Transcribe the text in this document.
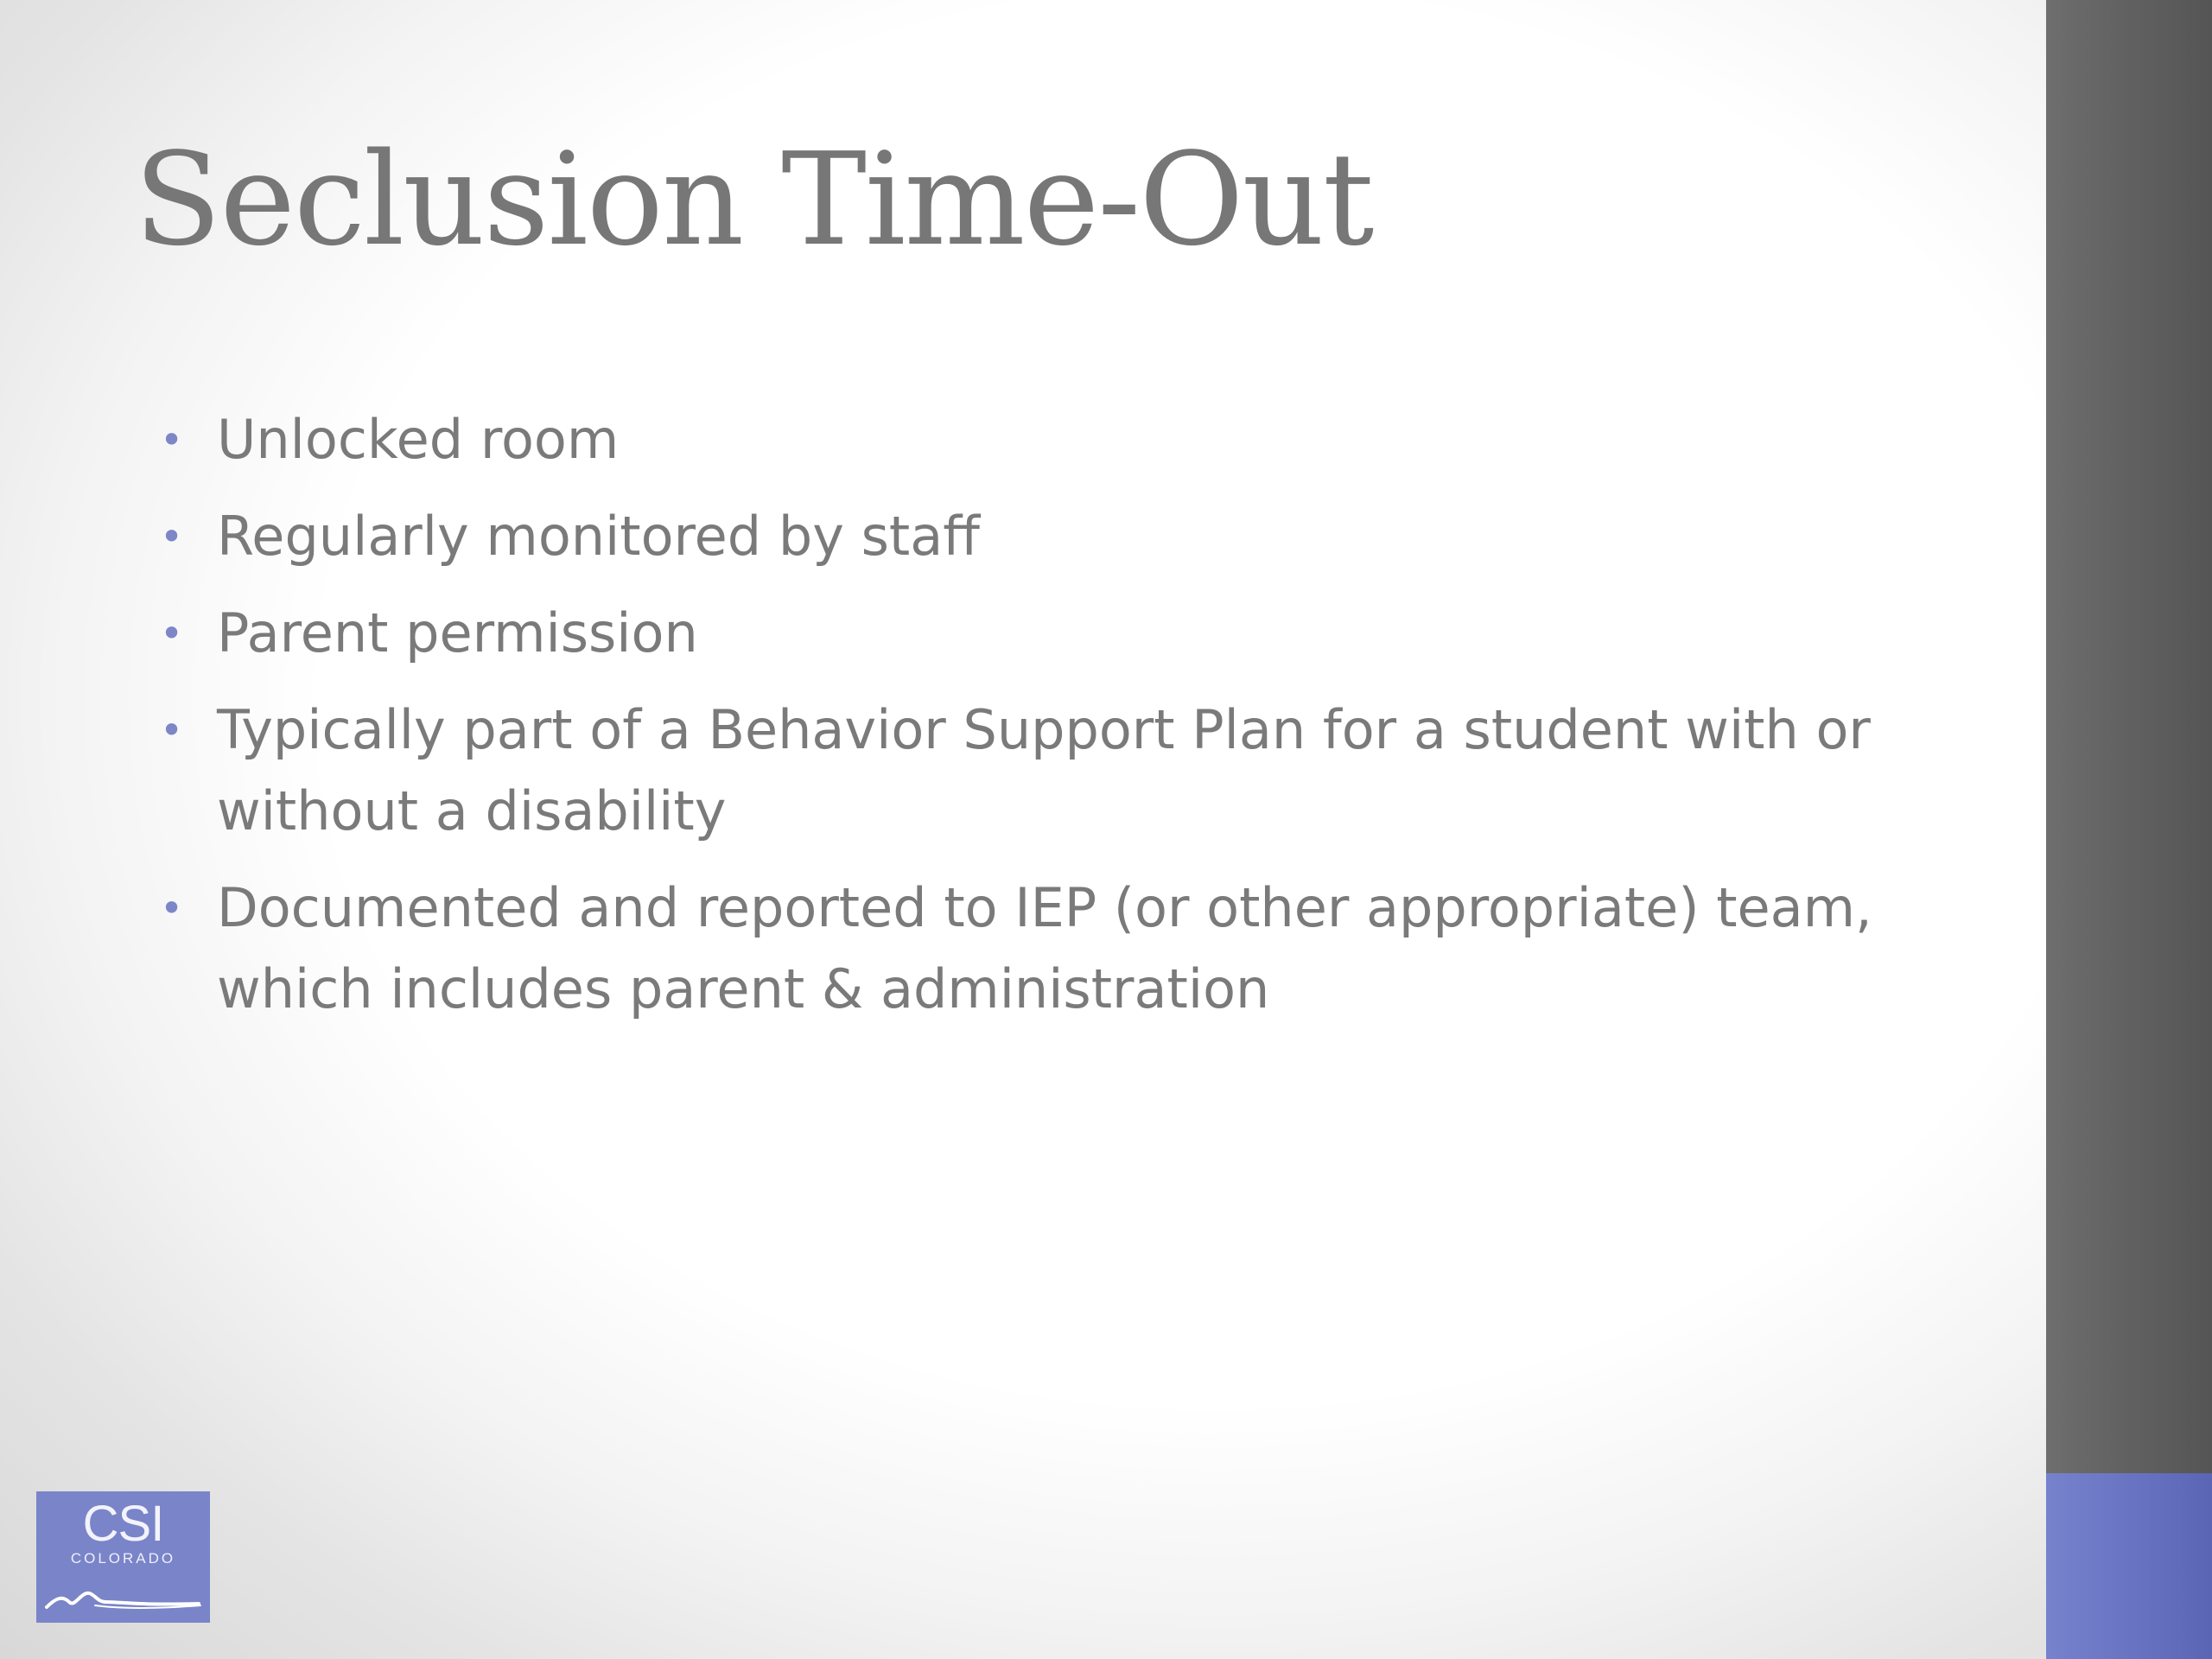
Seclusion Time-Out
• Unlocked room
• Regularly monitored by staff
• Parent permission
• Typically part of a Behavior Support Plan for a student with or without a disability
• Documented and reported to IEP (or other appropriate) team, which includes parent & administration
CSI
COLORADO
